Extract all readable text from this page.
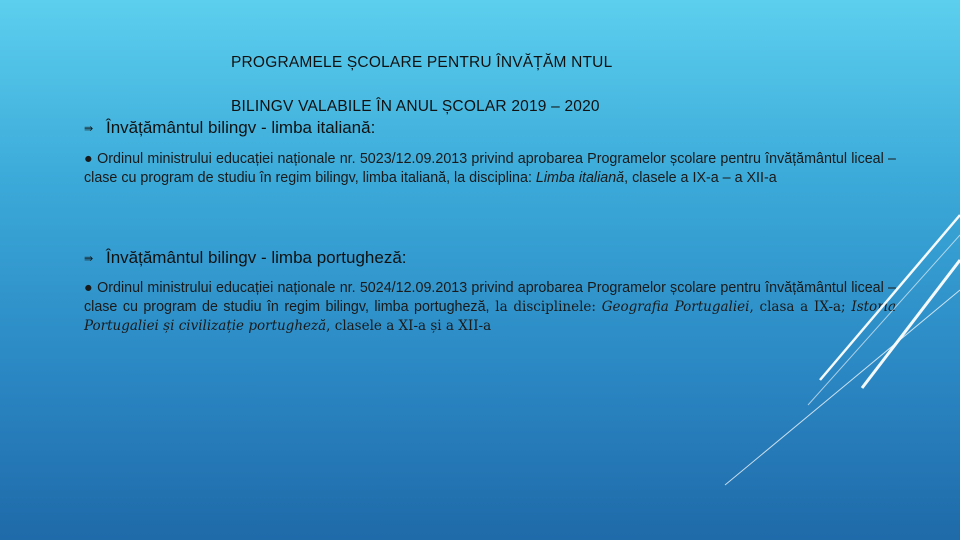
PROGRAMELE ȘCOLARE PENTRU ÎNVĂȚĂM NTUL

BILINGV VALABILE ÎN ANUL ȘCOLAR 2019 – 2020

⇛ Învățământul bilingv - limba italiană:
● Ordinul ministrului educației naționale nr. 5023/12.09.2013 privind aprobarea Programelor școlare pentru învățământul liceal – clase cu program de studiu în regim bilingv, limba italiană, la disciplina: Limba italiană, clasele a IX-a – a XII-a
⇛ Învățământul bilingv - limba portugheză:
● Ordinul ministrului educației naționale nr. 5024/12.09.2013 privind aprobarea Programelor școlare pentru învățământul liceal – clase cu program de studiu în regim bilingv, limba portugheză, la disciplinele: Geografia Portugaliei, clasa a IX-a; Istoria Portugaliei și civilizație portugheză, clasele a XI-a și a XII-a
